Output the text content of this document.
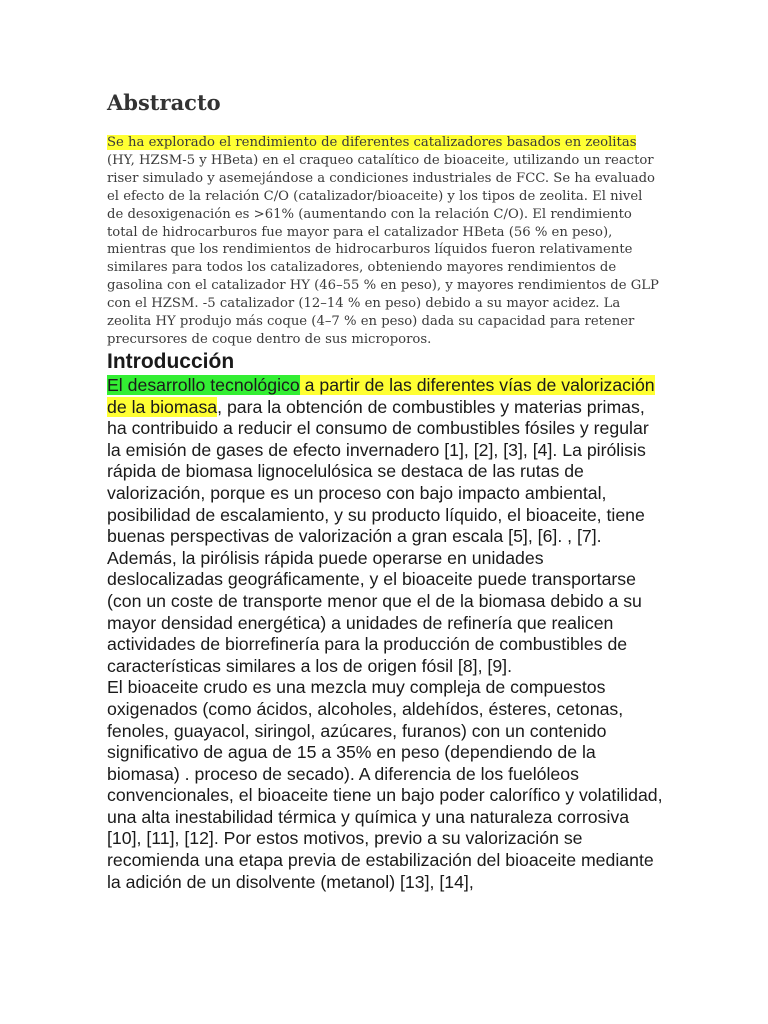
Abstracto

Se ha explorado el rendimiento de diferentes catalizadores basados en zeolitas (HY, HZSM-5 y HBeta) en el craqueo catalítico de bioaceite, utilizando un reactor riser simulado y asemejándose a condiciones industriales de FCC. Se ha evaluado el efecto de la relación C/O (catalizador/bioaceite) y los tipos de zeolita. El nivel de desoxigenación es >61% (aumentando con la relación C/O). El rendimiento total de hidrocarburos fue mayor para el catalizador HBeta (56 % en peso), mientras que los rendimientos de hidrocarburos líquidos fueron relativamente similares para todos los catalizadores, obteniendo mayores rendimientos de gasolina con el catalizador HY (46–55 % en peso), y mayores rendimientos de GLP con el HZSM. -5 catalizador (12–14 % en peso) debido a su mayor acidez. La zeolita HY produjo más coque (4–7 % en peso) dada su capacidad para retener precursores de coque dentro de sus microporos.

Introducción

El desarrollo tecnológico a partir de las diferentes vías de valorización de la biomasa, para la obtención de combustibles y materias primas, ha contribuido a reducir el consumo de combustibles fósiles y regular la emisión de gases de efecto invernadero [1], [2], [3], [4]. La pirólisis rápida de biomasa lignocelulósica se destaca de las rutas de valorización, porque es un proceso con bajo impacto ambiental, posibilidad de escalamiento, y su producto líquido, el bioaceite, tiene buenas perspectivas de valorización a gran escala [5], [6]. , [7]. Además, la pirólisis rápida puede operarse en unidades deslocalizadas geográficamente, y el bioaceite puede transportarse (con un coste de transporte menor que el de la biomasa debido a su mayor densidad energética) a unidades de refinería que realicen actividades de biorrefinería para la producción de combustibles de características similares a los de origen fósil [8], [9].

El bioaceite crudo es una mezcla muy compleja de compuestos oxigenados (como ácidos, alcoholes, aldehídos, ésteres, cetonas, fenoles, guayacol, siringol, azúcares, furanos) con un contenido significativo de agua de 15 a 35% en peso (dependiendo de la biomasa) . proceso de secado). A diferencia de los fuelóleos convencionales, el bioaceite tiene un bajo poder calorífico y volatilidad, una alta inestabilidad térmica y química y una naturaleza corrosiva [10], [11], [12]. Por estos motivos, previo a su valorización se recomienda una etapa previa de estabilización del bioaceite mediante la adición de un disolvente (metanol) [13], [14],
